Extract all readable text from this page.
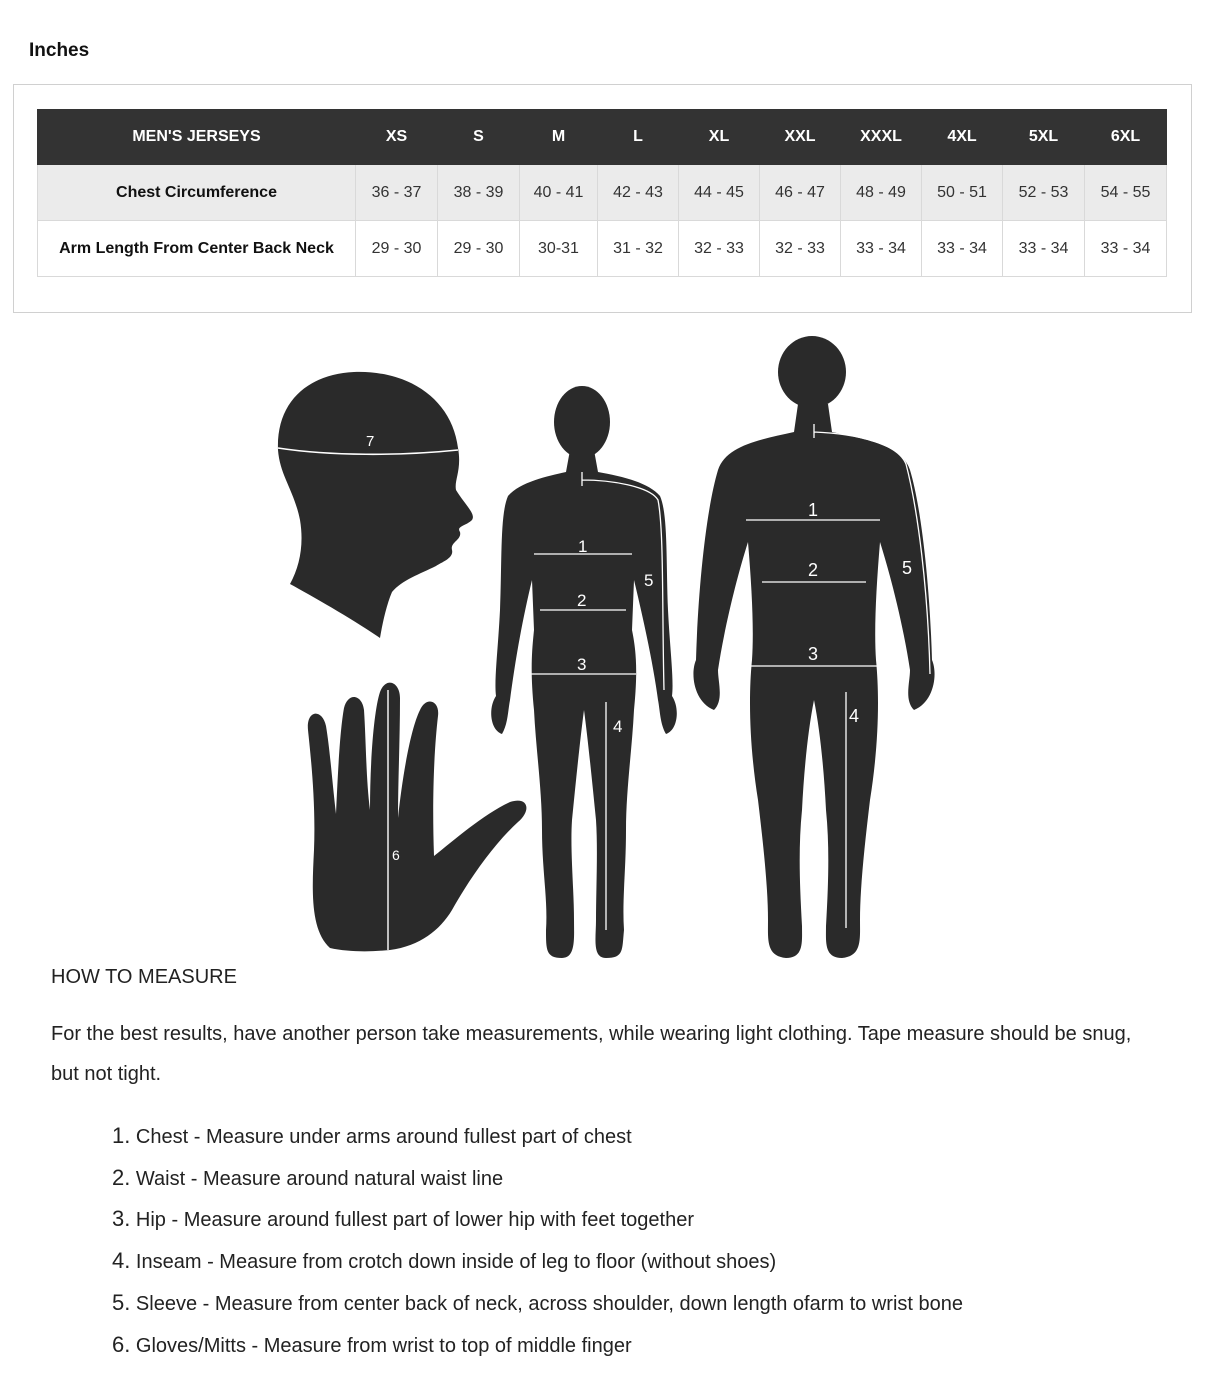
Inches
MEN'S JERSEYS	XS	S	M	L	XL	XXL	XXXL	4XL	5XL	6XL
Chest Circumference	36 - 37	38 - 39	40 - 41	42 - 43	44 - 45	46 - 47	48 - 49	50 - 51	52 - 53	54 - 55
Arm Length From Center Back Neck	29 - 30	29 - 30	30-31	31 - 32	32 - 33	32 - 33	33 - 34	33 - 34	33 - 34	33 - 34
7
6
1
2
3
4
5
1
2
3
4
5
HOW TO MEASURE
For the best results, have another person take measurements, while wearing light clothing. Tape measure should be snug, but not tight.
1. Chest - Measure under arms around fullest part of chest
2. Waist - Measure around natural waist line
3. Hip - Measure around fullest part of lower hip with feet together
4. Inseam - Measure from crotch down inside of leg to floor (without shoes)
5. Sleeve - Measure from center back of neck, across shoulder, down length ofarm to wrist bone
6. Gloves/Mitts - Measure from wrist to top of middle finger
